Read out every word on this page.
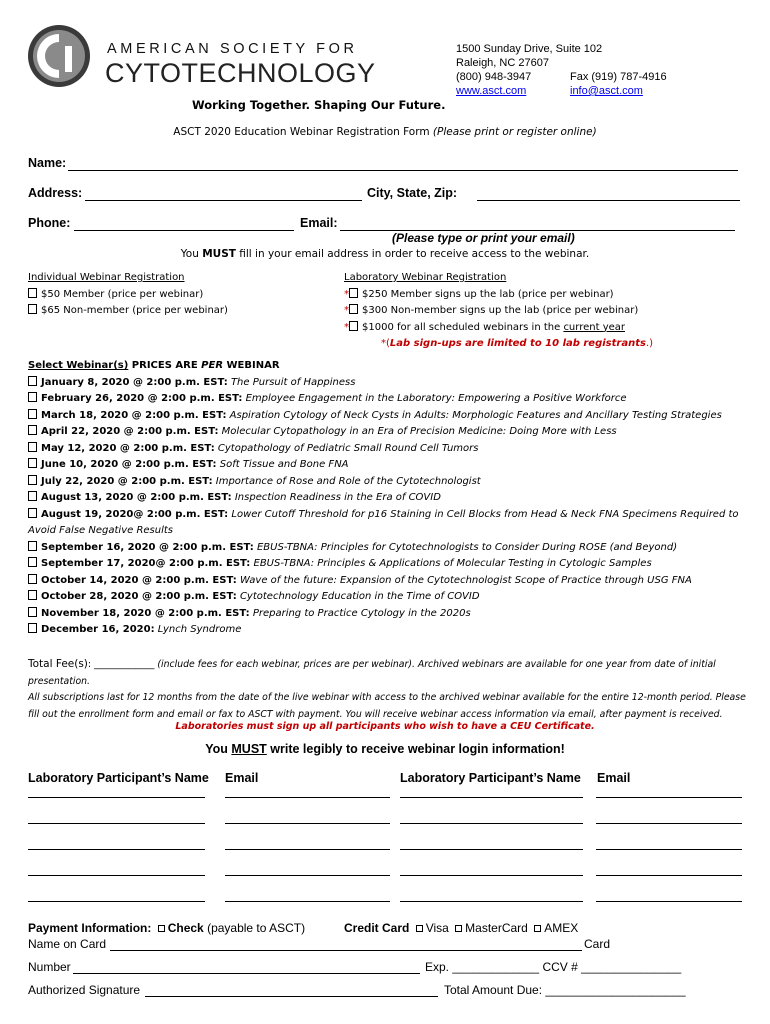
AMERICAN SOCIETY FOR
CYTOTECHNOLOGY
Working Together. Shaping Our Future.
1500 Sunday Drive, Suite 102
Raleigh, NC 27607
(800) 948-3947	Fax (919) 787-4916
www.asct.com	info@asct.com
ASCT 2020 Education Webinar Registration Form (Please print or register online)
Name:
Address:	City, State, Zip:
Phone:	Email:
(Please type or print your email)
You MUST fill in your email address in order to receive access to the webinar.
Individual Webinar Registration
$50 Member (price per webinar)
$65 Non-member (price per webinar)
Laboratory Webinar Registration
* $250 Member signs up the lab (price per webinar)
* $300 Non-member signs up the lab (price per webinar)
* $1000 for all scheduled webinars in the current year
*(Lab sign-ups are limited to 10 lab registrants.)
Select Webinar(s) PRICES ARE PER WEBINAR
January 8, 2020 @ 2:00 p.m. EST: The Pursuit of Happiness
February 26, 2020 @ 2:00 p.m. EST: Employee Engagement in the Laboratory: Empowering a Positive Workforce
March 18, 2020 @ 2:00 p.m. EST: Aspiration Cytology of Neck Cysts in Adults: Morphologic Features and Ancillary Testing Strategies
April 22, 2020 @ 2:00 p.m. EST: Molecular Cytopathology in an Era of Precision Medicine: Doing More with Less
May 12, 2020 @ 2:00 p.m. EST: Cytopathology of Pediatric Small Round Cell Tumors
June 10, 2020 @ 2:00 p.m. EST: Soft Tissue and Bone FNA
July 22, 2020 @ 2:00 p.m. EST: Importance of Rose and Role of the Cytotechnologist
August 13, 2020 @ 2:00 p.m. EST: Inspection Readiness in the Era of COVID
August 19, 2020@ 2:00 p.m. EST: Lower Cutoff Threshold for p16 Staining in Cell Blocks from Head & Neck FNA Specimens Required to
Avoid False Negative Results
September 16, 2020 @ 2:00 p.m. EST: EBUS-TBNA: Principles for Cytotechnologists to Consider During ROSE (and Beyond)
September 17, 2020@ 2:00 p.m. EST: EBUS-TBNA: Principles & Applications of Molecular Testing in Cytologic Samples
October 14, 2020 @ 2:00 p.m. EST: Wave of the future: Expansion of the Cytotechnologist Scope of Practice through USG FNA
October 28, 2020 @ 2:00 p.m. EST: Cytotechnology Education in the Time of COVID
November 18, 2020 @ 2:00 p.m. EST: Preparing to Practice Cytology in the 2020s
December 16, 2020: Lynch Syndrome
Total Fee(s): _____________ (include fees for each webinar, prices are per webinar). Archived webinars are available for one year from date of initial
presentation.
All subscriptions last for 12 months from the date of the live webinar with access to the archived webinar available for the entire 12-month period. Please
fill out the enrollment form and email or fax to ASCT with payment. You will receive webinar access information via email, after payment is received.
Laboratories must sign up all participants who wish to have a CEU Certificate.
You MUST write legibly to receive webinar login information!
Laboratory Participant’s Name Email	Laboratory Participant’s Name Email
Payment Information: Check (payable to ASCT)	Credit Card Visa MasterCard AMEX
Name on Card	Card
Number	Exp. _____________ CCV # _______________
Authorized Signature	Total Amount Due: _____________________
